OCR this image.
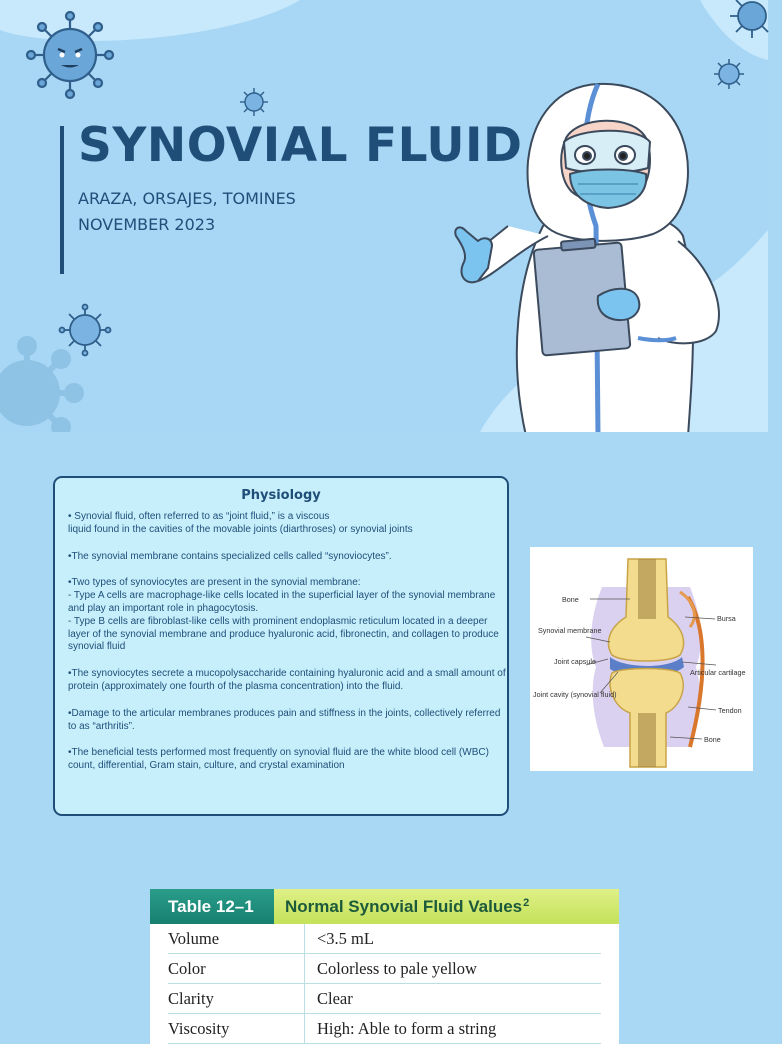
SYNOVIAL FLUID

ARAZA, ORSAJES, TOMINES

NOVEMBER 2023

Physiology

• Synovial fluid, often referred to as “joint fluid,” is a viscous
liquid found in the cavities of the movable joints (diarthroses) or synovial joints

•The synovial membrane contains specialized cells called “synoviocytes”.

•Two types of synoviocytes are present in the synovial membrane:
- Type A cells are macrophage-like cells located in the superficial layer of the synovial membrane and play an important role in phagocytosis.
- Type B cells are fibroblast-like cells with prominent endoplasmic reticulum located in a deeper layer of the synovial membrane and produce hyaluronic acid, fibronectin, and collagen to produce synovial fluid

•The synoviocytes secrete a mucopolysaccharide containing hyaluronic acid and a small amount of protein (approximately one fourth of the plasma concentration) into the fluid.

•Damage to the articular membranes produces pain and stiffness in the joints, collectively referred to as “arthritis”.

•The beneficial tests performed most frequently on synovial fluid are the white blood cell (WBC) count, differential, Gram stain, culture, and crystal examination

Bone
Synovial membrane
Joint capsule
Joint cavity (synovial fluid)
Bursa
Articular cartilage
Tendon
Bone
Table 12–1	Normal Synovial Fluid Values$^2$
Volume	<3.5 mL
Color	Colorless to pale yellow
Clarity	Clear
Viscosity	High: Able to form a string
